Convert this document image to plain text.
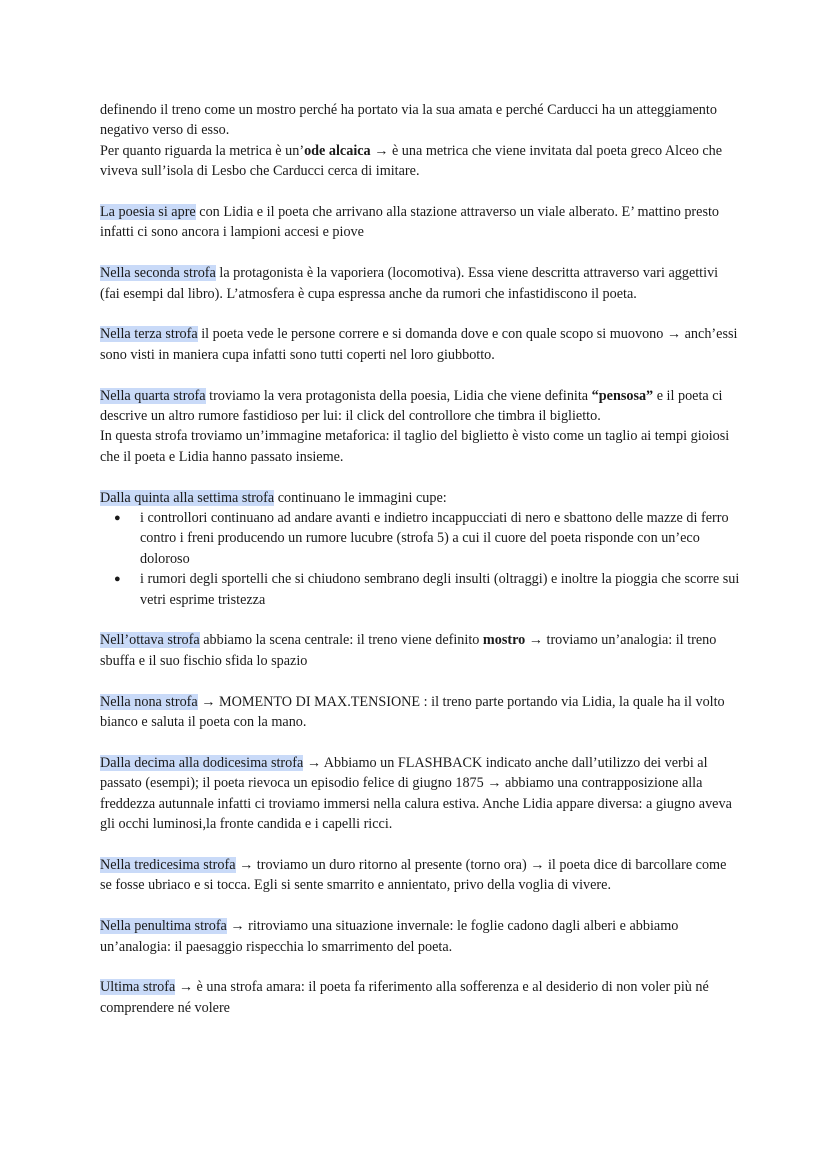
definendo il treno come un mostro perché ha portato via la sua amata e perché Carducci ha un atteggiamento negativo verso di esso.
Per quanto riguarda la metrica è un’ode alcaica → è una metrica che viene invitata dal poeta greco Alceo che viveva sull’isola di Lesbo che Carducci cerca di imitare.

La poesia si apre con Lidia e il poeta che arrivano alla stazione attraverso un viale alberato. E’ mattino presto infatti ci sono ancora i lampioni accesi e piove

Nella seconda strofa la protagonista è la vaporiera (locomotiva). Essa viene descritta attraverso vari aggettivi (fai esempi dal libro). L’atmosfera è cupa espressa anche da rumori che infastidiscono il poeta.

Nella terza strofa il poeta vede le persone correre e si domanda dove e con quale scopo si muovono → anch’essi sono visti in maniera cupa infatti sono tutti coperti nel loro giubbotto.

Nella quarta strofa troviamo la vera protagonista della poesia, Lidia che viene definita “pensosa” e il poeta ci descrive un altro rumore fastidioso per lui: il click del controllore che timbra il biglietto.
In questa strofa troviamo un’immagine metaforica: il taglio del biglietto è visto come un taglio ai tempi gioiosi che il poeta e Lidia hanno passato insieme.

Dalla quinta alla settima strofa continuano le immagini cupe:

● i controllori continuano ad andare avanti e indietro incappucciati di nero e sbattono delle mazze di ferro contro i freni producendo un rumore lucubre (strofa 5) a cui il cuore del poeta risponde con un’eco doloroso
● i rumori degli sportelli che si chiudono sembrano degli insulti (oltraggi) e inoltre la pioggia che scorre sui vetri esprime tristezza

Nell’ottava strofa abbiamo la scena centrale: il treno viene definito mostro → troviamo un’analogia: il treno sbuffa e il suo fischio sfida lo spazio

Nella nona strofa → MOMENTO DI MAX.TENSIONE : il treno parte portando via Lidia, la quale ha il volto bianco e saluta il poeta con la mano.

Dalla decima alla dodicesima strofa → Abbiamo un FLASHBACK indicato anche dall’utilizzo dei verbi al passato (esempi); il poeta rievoca un episodio felice di giugno 1875 → abbiamo una contrapposizione alla freddezza autunnale infatti ci troviamo immersi nella calura estiva. Anche Lidia appare diversa: a giugno aveva gli occhi luminosi,la fronte candida e i capelli ricci.

Nella tredicesima strofa → troviamo un duro ritorno al presente (torno ora) → il poeta dice di barcollare come se fosse ubriaco e si tocca. Egli si sente smarrito e annientato, privo della voglia di vivere.

Nella penultima strofa → ritroviamo una situazione invernale: le foglie cadono dagli alberi e abbiamo un’analogia: il paesaggio rispecchia lo smarrimento del poeta.

Ultima strofa → è una strofa amara: il poeta fa riferimento alla sofferenza e al desiderio di non voler più né comprendere né volere
